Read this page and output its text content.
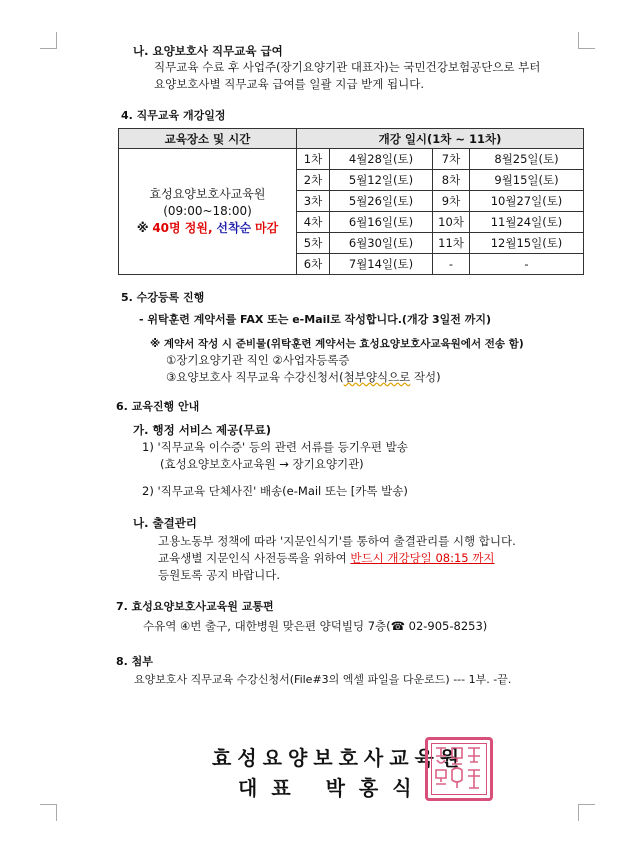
나. 요양보호사 직무교육 급여
직무교육 수료 후 사업주(장기요양기관 대표자)는 국민건강보험공단으로 부터
요양보호사별 직무교육 급여를 일괄 지급 받게 됩니다.
4. 직무교육 개강일정
교육장소 및 시간	개강 일시(1차 ~ 11차)			

효성요양보호사교육원
(09:00~18:00)
※ 40명 정원, 선착순 마감	1차	4월28일(토)	7차	8월25일(토)
	2차	5월12일(토)	8차	9월15일(토)
	3차	5월26일(토)	9차	10월27일(토)
	4차	6월16일(토)	10차	11월24일(토)
	5차	6월30일(토)	11차	12월15일(토)
	6차	7월14일(토)	-	-
5. 수강등록 진행
- 위탁훈련 계약서를 FAX 또는 e-Mail로 작성합니다.(개강 3일전 까지)
※ 계약서 작성 시 준비물(위탁훈련 계약서는 효성요양보호사교육원에서 전송 함)
①장기요양기관 직인 ②사업자등록증
③요양보호사 직무교육 수강신청서(첨부양식으로 작성)
6. 교육진행 안내
가. 행정 서비스 제공(무료)
1) '직무교육 이수증' 등의 관련 서류를 등기우편 발송
(효성요양보호사교육원 → 장기요양기관)
2) '직무교육 단체사진' 배송(e-Mail 또는 [카톡 발송)
나. 출결관리
고용노동부 정책에 따라 '지문인식기'를 통하여 출결관리를 시행 합니다.
교육생별 지문인식 사전등록을 위하여 반드시 개강당일 08:15 까지
등원토록 공지 바랍니다.
7. 효성요양보호사교육원 교통편
수유역 ④번 출구, 대한병원 맞은편 양덕빌딩 7층(☎ 02-905-8253)
8. 첨부
요양보호사 직무교육 수강신청서(File#3의 엑셀 파일을 다운로드) --- 1부. -끝.
효성요양보호사교육원
대표 박홍식
